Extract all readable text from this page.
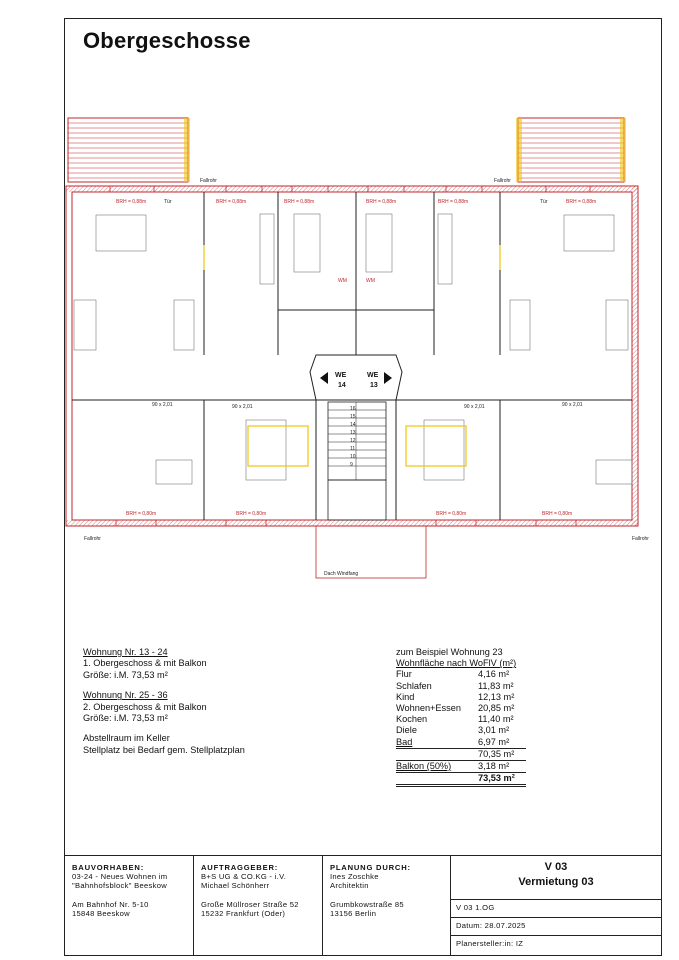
Obergeschosse
WE
14
WE
13
16
15
14
13
12
11
10
9
Dach Windfang
BRH = 0,88m	BRH = 0,88m	BRH = 0,88m	BRH = 0,88m	BRH = 0,88m	BRH = 0,88m
Tür	Tür
BRH = 0,80m	BRH = 0,80m	BRH = 0,80m	BRH = 0,80m
Fallrohr	Fallrohr
Fallrohr	Fallrohr
90 x 2,01	90 x 2,01	90 x 2,01	90 x 2,01
WM	WM
Wohnung Nr. 13 - 24
1. Obergeschoss & mit Balkon
Größe: i.M. 73,53 m²
Wohnung Nr. 25 - 36
2. Obergeschoss & mit Balkon
Größe: i.M. 73,53 m²
Abstellraum im Keller
Stellplatz bei Bedarf gem. Stellplatzplan
zum Beispiel Wohnung 23
Wohnfläche nach WoFlV (m²)
Flur	4,16 m²
Schlafen	11,83 m²
Kind	12,13 m²
Wohnen+Essen 20,85 m²
Kochen	11,40 m²
Diele	3,01 m²
Bad	6,97 m²
70,35 m²
Balkon (50%)	3,18 m²
73,53 m²
BAUVORHABEN:
03-24 - Neues Wohnen im
"Bahnhofsblock" Beeskow
Am Bahnhof Nr. 5-10
15848 Beeskow
AUFTRAGGEBER:
B+S UG & CO.KG - i.V.
Michael Schönherr
Große Müllroser Straße 52
15232 Frankfurt (Oder)
PLANUNG DURCH:
Ines Zoschke
Architektin
Grumbkowstraße 85
13156 Berlin
V 03
Vermietung 03
V 03 1.OG
Datum: 28.07.2025
Planersteller:in: IZ
